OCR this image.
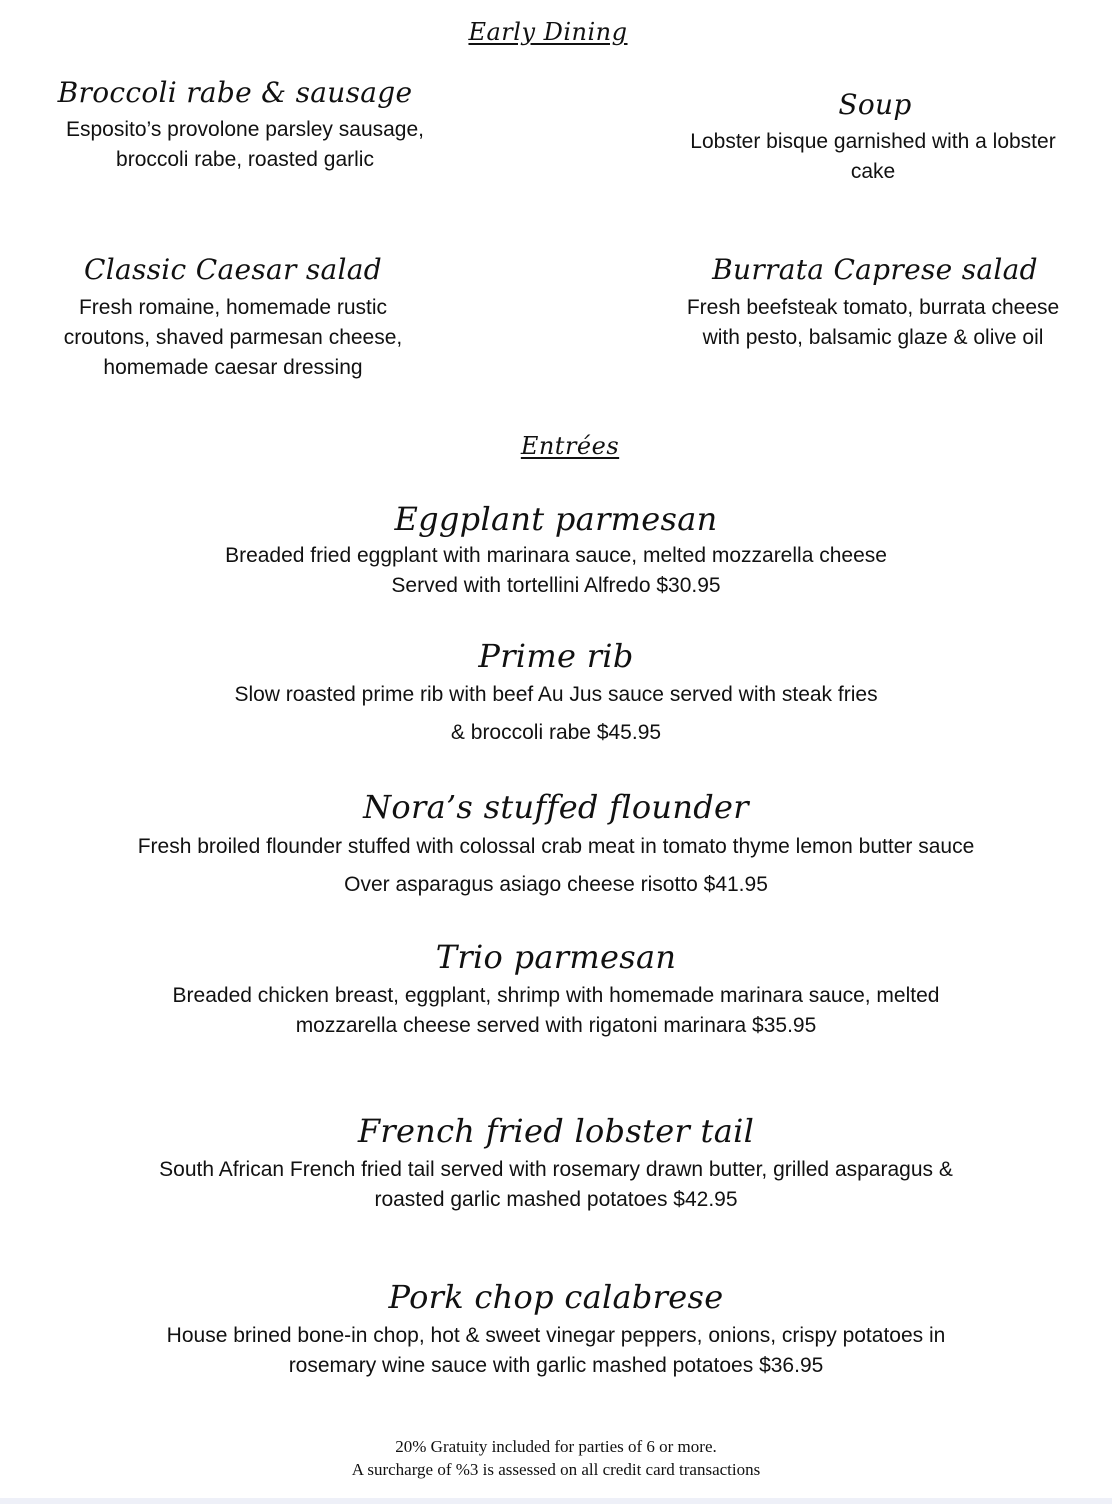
Early Dining
Broccoli rabe & sausage
Esposito’s provolone parsley sausage,
broccoli rabe, roasted garlic
Soup
Lobster bisque garnished with a lobster
cake
Classic Caesar salad
Fresh romaine, homemade rustic
croutons, shaved parmesan cheese,
homemade caesar dressing
Burrata Caprese salad
Fresh beefsteak tomato, burrata cheese
with pesto, balsamic glaze & olive oil
Entrées
Eggplant parmesan
Breaded fried eggplant with marinara sauce, melted mozzarella cheese
Served with tortellini Alfredo $30.95
Prime rib
Slow roasted prime rib with beef Au Jus sauce served with steak fries
& broccoli rabe $45.95
Nora’s stuffed flounder
Fresh broiled flounder stuffed with colossal crab meat in tomato thyme lemon butter sauce
Over asparagus asiago cheese risotto $41.95
Trio parmesan
Breaded chicken breast, eggplant, shrimp with homemade marinara sauce, melted
mozzarella cheese served with rigatoni marinara $35.95
French fried lobster tail
South African French fried tail served with rosemary drawn butter, grilled asparagus &
roasted garlic mashed potatoes $42.95
Pork chop calabrese
House brined bone-in chop, hot & sweet vinegar peppers, onions, crispy potatoes in
rosemary wine sauce with garlic mashed potatoes $36.95
20% Gratuity included for parties of 6 or more.
A surcharge of %3 is assessed on all credit card transactions
